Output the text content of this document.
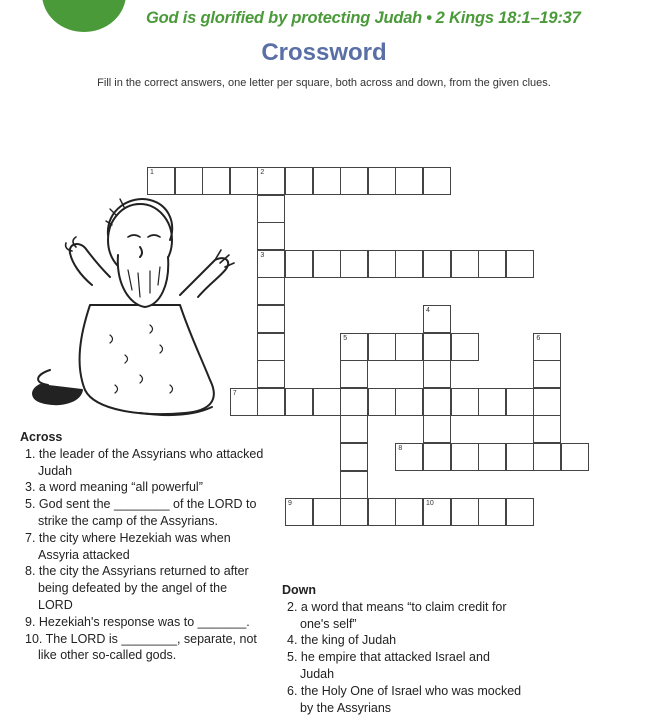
God is glorified by protecting Judah • 2 Kings 18:1–19:37
Crossword
Fill in the correct answers, one letter per square, both across and down, from the given clues.
1	2
3
4
5	6
7
8
9	10
Across
1. the leader of the Assyrians who attacked Judah
3. a word meaning “all powerful”
5. God sent the ________ of the LORD to strike the camp of the Assyrians.
7. the city where Hezekiah was when Assyria attacked
8. the city the Assyrians returned to after being defeated by the angel of the LORD
9. Hezekiah's response was to _______.
10. The LORD is ________, separate, not like other so-called gods.
Down
2. a word that means “to claim credit for one's self”
4. the king of Judah
5. he empire that attacked Israel and Judah
6. the Holy One of Israel who was mocked by the Assyrians
